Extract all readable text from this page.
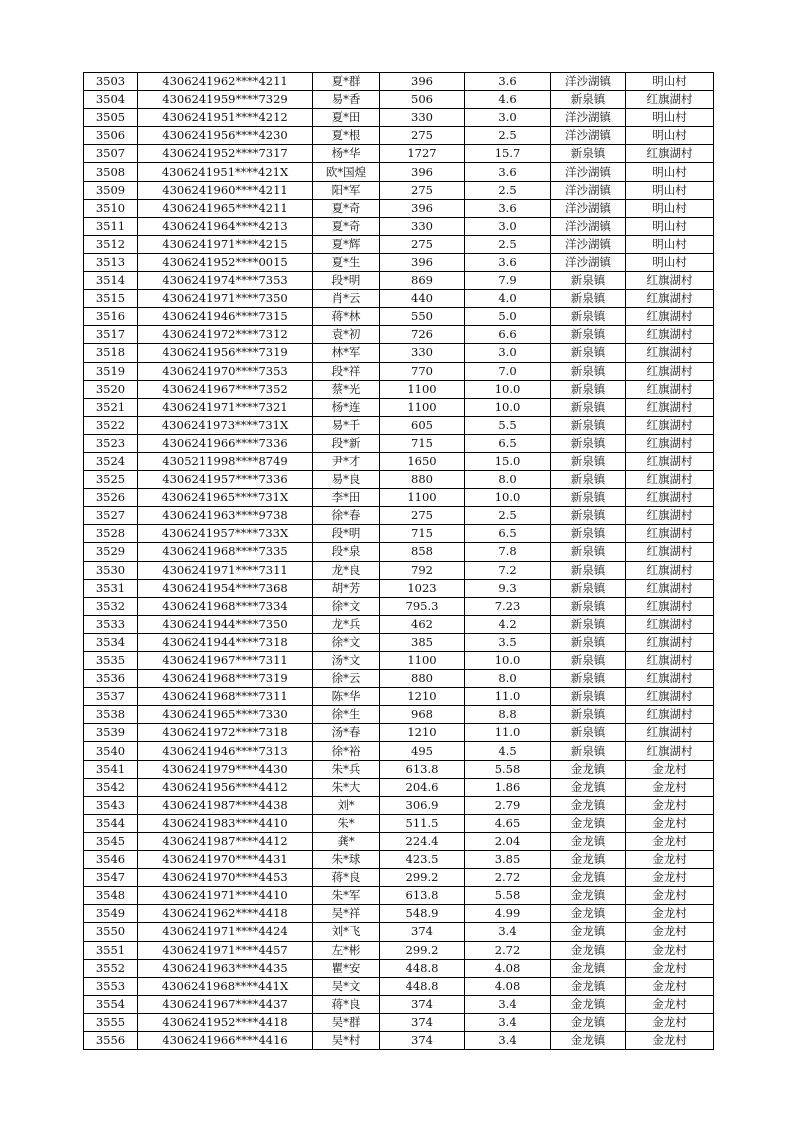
3503	4306241962****4211	夏*群	396	3.6	洋沙湖镇	明山村
3504	4306241959****7329	易*香	506	4.6	新泉镇	红旗湖村
3505	4306241951****4212	夏*田	330	3.0	洋沙湖镇	明山村
3506	4306241956****4230	夏*根	275	2.5	洋沙湖镇	明山村
3507	4306241952****7317	杨*华	1727	15.7	新泉镇	红旗湖村
3508	4306241951****421X	欧*国煌	396	3.6	洋沙湖镇	明山村
3509	4306241960****4211	阳*军	275	2.5	洋沙湖镇	明山村
3510	4306241965****4211	夏*奇	396	3.6	洋沙湖镇	明山村
3511	4306241964****4213	夏*奇	330	3.0	洋沙湖镇	明山村
3512	4306241971****4215	夏*辉	275	2.5	洋沙湖镇	明山村
3513	4306241952****0015	夏*生	396	3.6	洋沙湖镇	明山村
3514	4306241974****7353	段*明	869	7.9	新泉镇	红旗湖村
3515	4306241971****7350	肖*云	440	4.0	新泉镇	红旗湖村
3516	4306241946****7315	蒋*林	550	5.0	新泉镇	红旗湖村
3517	4306241972****7312	袁*初	726	6.6	新泉镇	红旗湖村
3518	4306241956****7319	林*军	330	3.0	新泉镇	红旗湖村
3519	4306241970****7353	段*祥	770	7.0	新泉镇	红旗湖村
3520	4306241967****7352	蔡*光	1100	10.0	新泉镇	红旗湖村
3521	4306241971****7321	杨*连	1100	10.0	新泉镇	红旗湖村
3522	4306241973****731X	易*千	605	5.5	新泉镇	红旗湖村
3523	4306241966****7336	段*新	715	6.5	新泉镇	红旗湖村
3524	4305211998****8749	尹*才	1650	15.0	新泉镇	红旗湖村
3525	4306241957****7336	易*良	880	8.0	新泉镇	红旗湖村
3526	4306241965****731X	李*田	1100	10.0	新泉镇	红旗湖村
3527	4306241963****9738	徐*春	275	2.5	新泉镇	红旗湖村
3528	4306241957****733X	段*明	715	6.5	新泉镇	红旗湖村
3529	4306241968****7335	段*泉	858	7.8	新泉镇	红旗湖村
3530	4306241971****7311	龙*良	792	7.2	新泉镇	红旗湖村
3531	4306241954****7368	胡*芳	1023	9.3	新泉镇	红旗湖村
3532	4306241968****7334	徐*文	795.3	7.23	新泉镇	红旗湖村
3533	4306241944****7350	龙*兵	462	4.2	新泉镇	红旗湖村
3534	4306241944****7318	徐*文	385	3.5	新泉镇	红旗湖村
3535	4306241967****7311	汤*文	1100	10.0	新泉镇	红旗湖村
3536	4306241968****7319	徐*云	880	8.0	新泉镇	红旗湖村
3537	4306241968****7311	陈*华	1210	11.0	新泉镇	红旗湖村
3538	4306241965****7330	徐*生	968	8.8	新泉镇	红旗湖村
3539	4306241972****7318	汤*春	1210	11.0	新泉镇	红旗湖村
3540	4306241946****7313	徐*裕	495	4.5	新泉镇	红旗湖村
3541	4306241979****4430	朱*兵	613.8	5.58	金龙镇	金龙村
3542	4306241956****4412	朱*大	204.6	1.86	金龙镇	金龙村
3543	4306241987****4438	刘*	306.9	2.79	金龙镇	金龙村
3544	4306241983****4410	朱*	511.5	4.65	金龙镇	金龙村
3545	4306241987****4412	龚*	224.4	2.04	金龙镇	金龙村
3546	4306241970****4431	朱*球	423.5	3.85	金龙镇	金龙村
3547	4306241970****4453	蒋*良	299.2	2.72	金龙镇	金龙村
3548	4306241971****4410	朱*军	613.8	5.58	金龙镇	金龙村
3549	4306241962****4418	吴*祥	548.9	4.99	金龙镇	金龙村
3550	4306241971****4424	刘*飞	374	3.4	金龙镇	金龙村
3551	4306241971****4457	左*彬	299.2	2.72	金龙镇	金龙村
3552	4306241963****4435	瞿*安	448.8	4.08	金龙镇	金龙村
3553	4306241968****441X	吴*文	448.8	4.08	金龙镇	金龙村
3554	4306241967****4437	蒋*良	374	3.4	金龙镇	金龙村
3555	4306241952****4418	吴*群	374	3.4	金龙镇	金龙村
3556	4306241966****4416	吴*村	374	3.4	金龙镇	金龙村
